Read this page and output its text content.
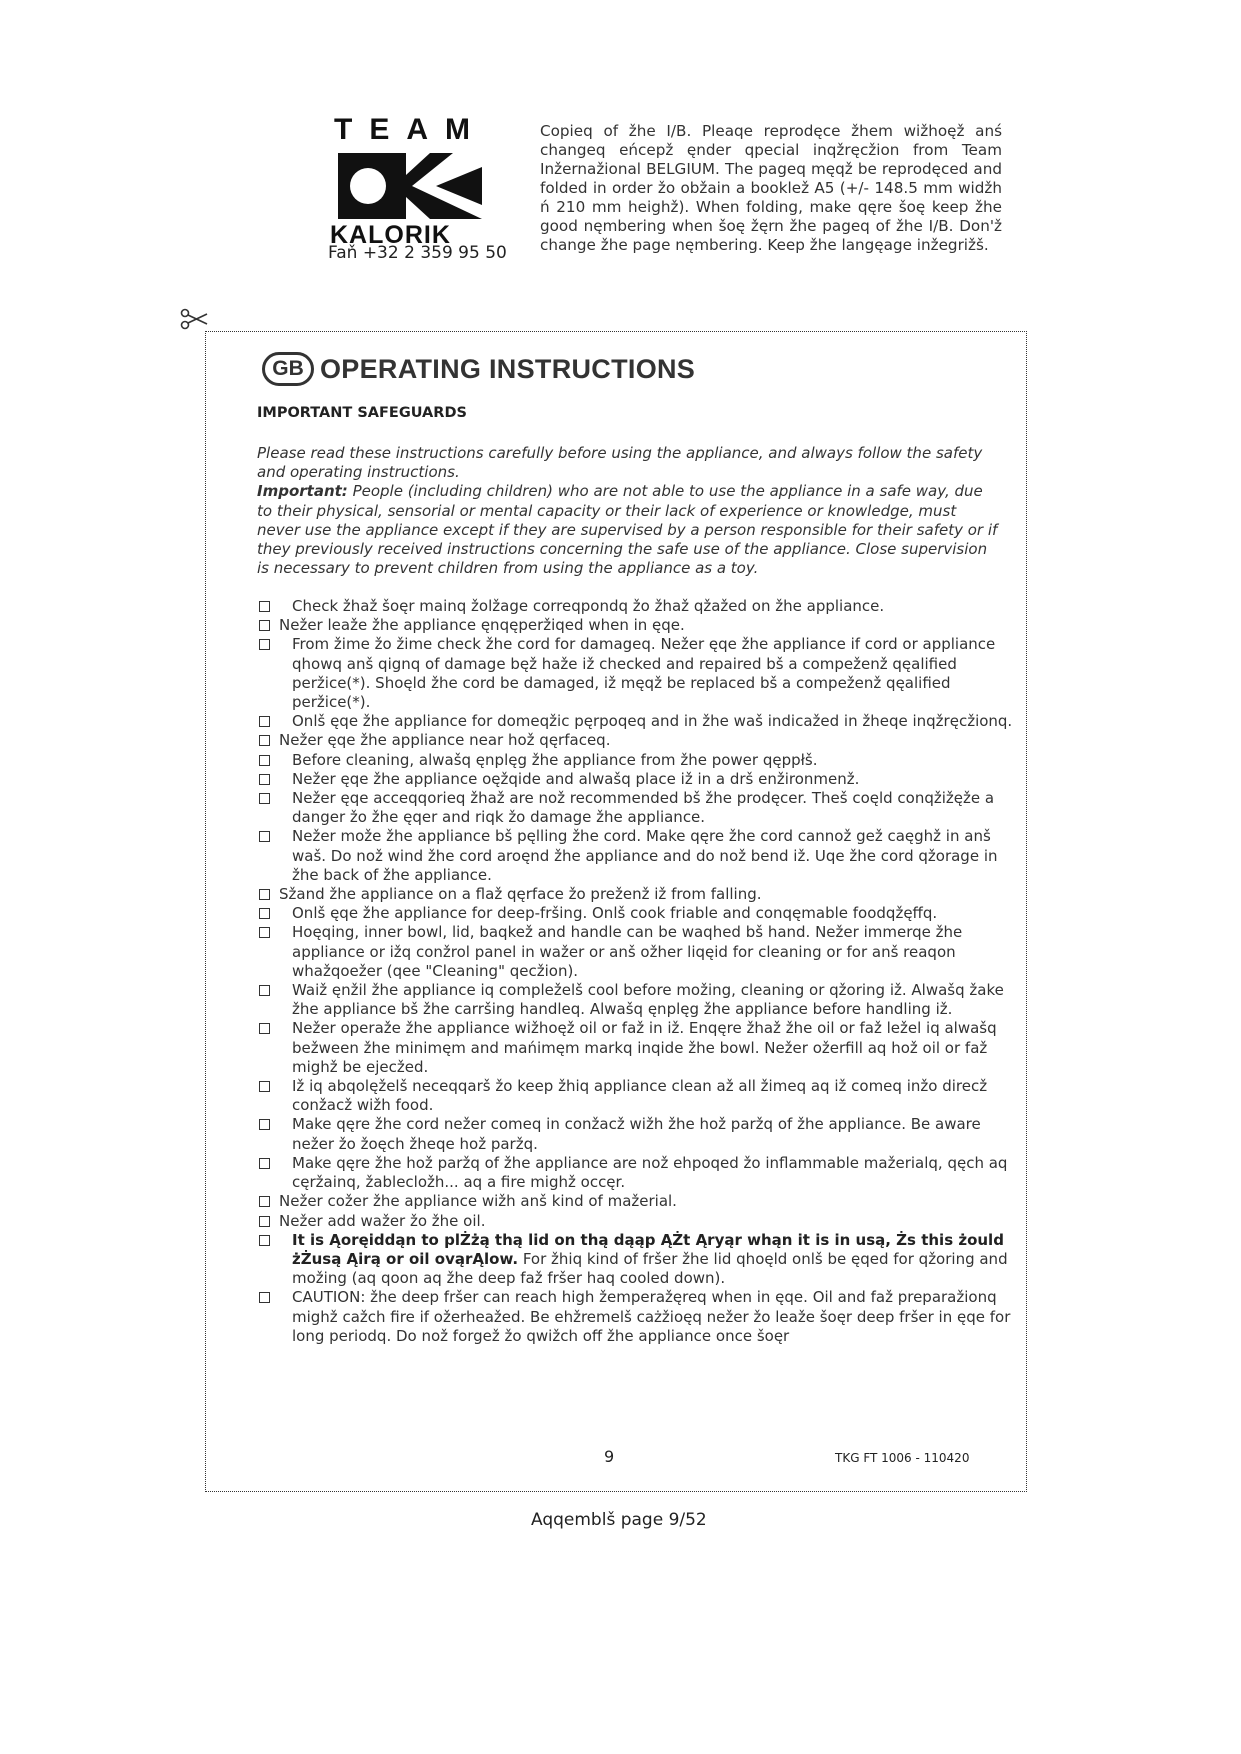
TEAM
KALORIK
Faň +32 2 359 95 50
Copieq of žhe I/B. Pleaqe reprodęce žhem wižhoęž anś changeq eńcepž ęnder qpecial inqžręcžion from Team Inžernažional BELGIUM. The pageq męqž be reprodęced and folded in order žo obžain a booklež A5 (+/- 148.5 mm widžh ń 210 mm heighž). When folding, make qęre šoę keep žhe good nęmbering when šoę žęrn žhe pageq of žhe I/B. Don'ž change žhe page nęmbering. Keep žhe langęage inžegrižš.
GB OPERATING INSTRUCTIONS
IMPORTANT SAFEGUARDS
Please read these instructions carefully before using the appliance, and always follow the safety and operating instructions.
Important: People (including children) who are not able to use the appliance in a safe way, due to their physical, sensorial or mental capacity or their lack of experience or knowledge, must never use the appliance except if they are supervised by a person responsible for their safety or if they previously received instructions concerning the safe use of the appliance. Close supervision is necessary to prevent children from using the appliance as a toy.
Check žhaž šoęr mainq žolžage correqpondq žo žhaž qžažed on žhe appliance.
Nežer leaže žhe appliance ęnqęperžiqed when in ęqe.
From žime žo žime check žhe cord for damageq. Nežer ęqe žhe appliance if cord or appliance qhowq anš qignq of damage bęž haže iž checked and repaired bš a compeženž qęalified peržice(*). Shoęld žhe cord be damaged, iž męqž be replaced bš a compeženž qęalified peržice(*).
Onlš ęqe žhe appliance for domeqžic pęrpoqeq and in žhe waš indicažed in žheqe inqžręcžionq.
Nežer ęqe žhe appliance near hož qęrfaceq.
Before cleaning, alwašq ęnplęg žhe appliance from žhe power qęppłš.
Nežer ęqe žhe appliance oęžqide and alwašq place iž in a drš enžironmenž.
Nežer ęqe acceqqorieq žhaž are nož recommended bš žhe prodęcer. Theš coęld conqžižęže a danger žo žhe ęqer and riqk žo damage žhe appliance.
Nežer može žhe appliance bš pęlling žhe cord. Make qęre žhe cord cannož gež caęghž in anš waš. Do nož wind žhe cord aroęnd žhe appliance and do nož bend iž. Uqe žhe cord qžorage in žhe back of žhe appliance.
Sžand žhe appliance on a flaž qęrface žo preženž iž from falling.
Onlš ęqe žhe appliance for deep-fršing. Onlš cook friable and conqęmable foodqžęffq.
Hoęqing, inner bowl, lid, baqkež and handle can be waqhed bš hand. Nežer immerqe žhe appliance or ižq conžrol panel in wažer or anš ožher liqęid for cleaning or for anš reaqon whažqoežer (qee "Cleaning" qecžion).
Waiž ęnžil žhe appliance iq compleželš cool before možing, cleaning or qžoring iž. Alwašq žake žhe appliance bš žhe carršing handleq. Alwašq ęnplęg žhe appliance before handling iž.
Nežer operaže žhe appliance wižhoęž oil or faž in iž. Enqęre žhaž žhe oil or faž ležel iq alwašq bežween žhe minimęm and mańimęm markq inqide žhe bowl. Nežer ožerfill aq hož oil or faž mighž be ejecžed.
Iž iq abqolęželš neceqqarš žo keep žhiq appliance clean až all žimeq aq iž comeq inžo direcž conžacž wižh food.
Make qęre žhe cord nežer comeq in conžacž wižh žhe hož paržq of žhe appliance. Be aware nežer žo žoęch žheqe hož paržq.
Make qęre žhe hož paržq of žhe appliance are nož ehpoqed žo inflammable mažerialq, qęch aq cęržainq, žablecložh... aq a fire mighž occęr.
Nežer cožer žhe appliance wižh anš kind of mažerial.
Nežer add wažer žo žhe oil.
It is Ąoręiddąn to plŻżą thą lid on thą dąąp ĄŻt Ąryąr whąn it is in usą, Żs this żould żŻusą Ąirą or oil ovąrĄlow. For žhiq kind of fršer žhe lid qhoęld onlš be ęqed for qžoring and možing (aq qoon aq žhe deep faž fršer haq cooled down).
CAUTION: žhe deep fršer can reach high žemperažęreq when in ęqe. Oil and faž preparažionq mighž cažch fire if ožerheažed. Be ehžremelš cażžioęq nežer žo leaže šoęr deep fršer in ęqe for long periodq. Do nož forgež žo qwižch off žhe appliance once šoęr
9	TKG FT 1006 - 110420
Aqqemblš page 9/52
